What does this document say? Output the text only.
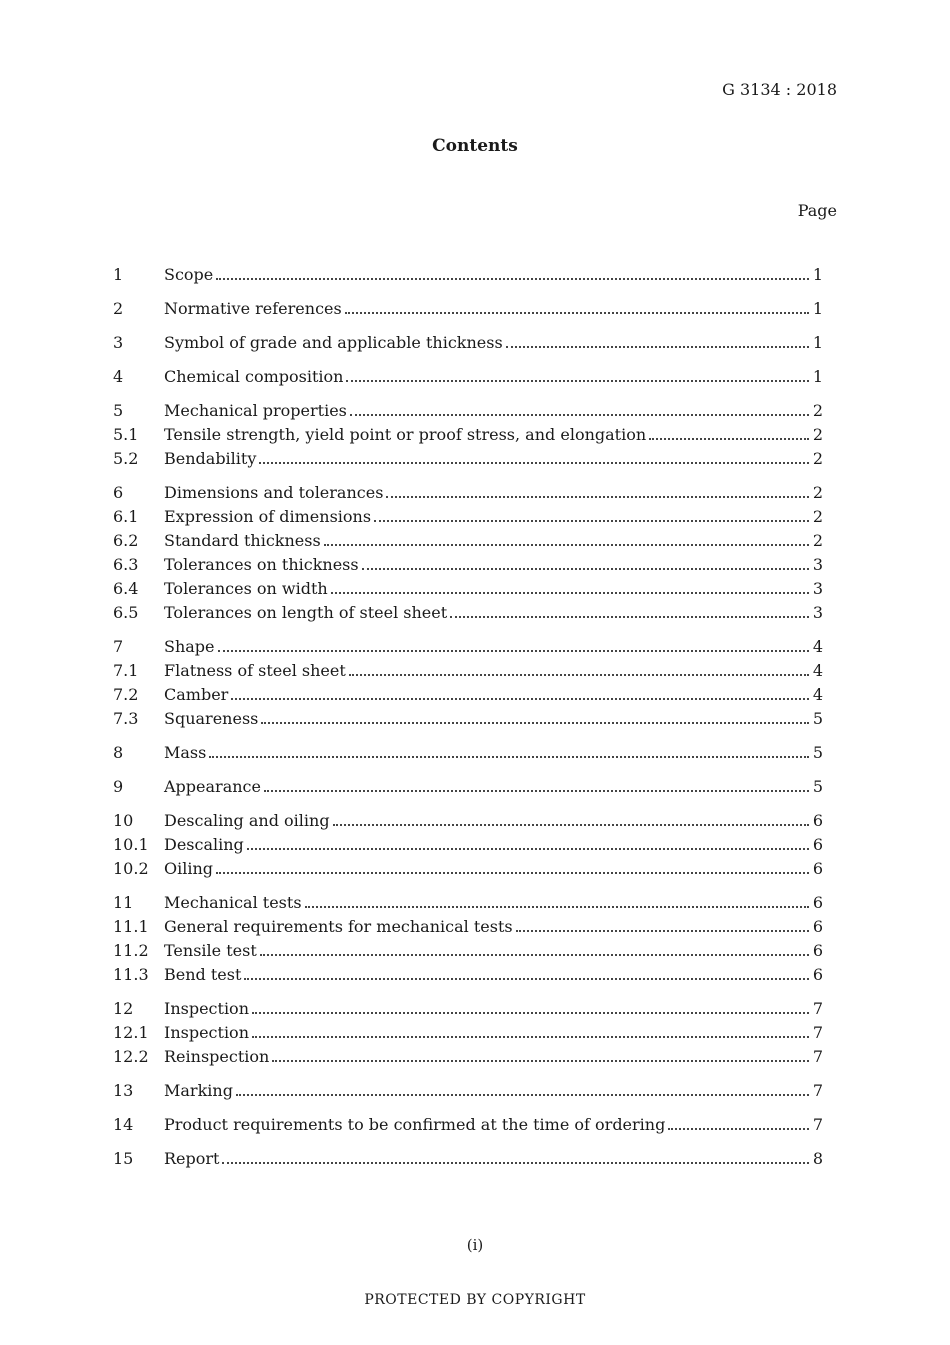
G 3134 : 2018
Contents
Page
1	Scope	1
2	Normative references	1
3	Symbol of grade and applicable thickness	1
4	Chemical composition	1
5	Mechanical properties	2
5.1	Tensile strength, yield point or proof stress, and elongation	2
5.2	Bendability	2
6	Dimensions and tolerances	2
6.1	Expression of dimensions	2
6.2	Standard thickness	2
6.3	Tolerances on thickness	3
6.4	Tolerances on width	3
6.5	Tolerances on length of steel sheet	3
7	Shape	4
7.1	Flatness of steel sheet	4
7.2	Camber	4
7.3	Squareness	5
8	Mass	5
9	Appearance	5
10	Descaling and oiling	6
10.1 Descaling	6
10.2 Oiling	6
11	Mechanical tests	6
11.1 General requirements for mechanical tests	6
11.2 Tensile test	6
11.3 Bend test	6
12	Inspection	7
12.1 Inspection	7
12.2 Reinspection	7
13	Marking	7
14	Product requirements to be confirmed at the time of ordering	7
15	Report	8
(i)
PROTECTED BY COPYRIGHT
